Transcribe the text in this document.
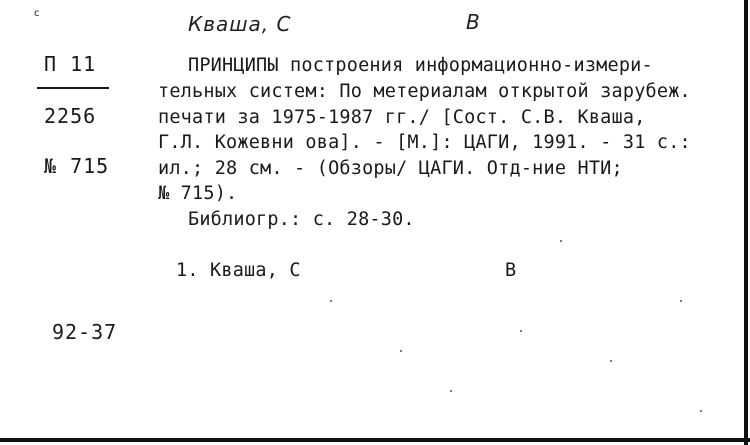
с	Кваша, С	B
П 11
2256
№ 715
92-37
ПРИНЦИПЫ построения информационно-измери-
тельных систем: По метериалам открытой зарубеж.
печати за 1975-1987 гг./ [Сост. С.В. Кваша,
Г.Л. Кожевни ова]. - [М.]: ЦАГИ, 1991. - 31 с.:
ил.; 28 см. - (Обзоры/ ЦАГИ. Отд-ние НТИ;
№ 715).
Библиогр.: с. 28-30.
1. Кваша, С	В
